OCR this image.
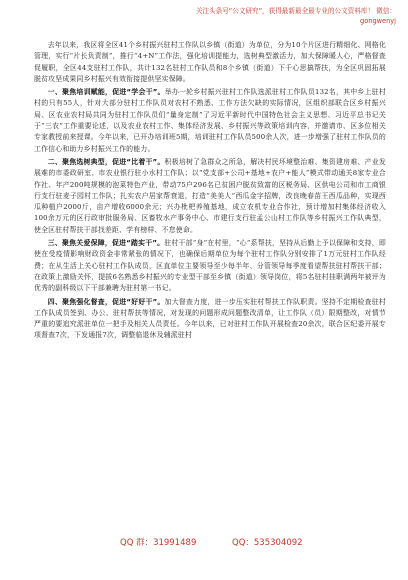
关注头条号“公文研究”，获得最新最全最专业的公文资料库！ 微信：
gongwenyj

去年以来，我区将全区41个乡村振兴驻村工作队以乡镇（街道）为单位，分为10个片区进行精细化、网格化管理，实行“片长负责制”，推行“4+N”工作法，强化培训提能力，选树典型激活力，加大保障暖人心，严格督查促履职，全区44支驻村工作队，共计132名驻村工作队员和8个乡镇（街道）下千心思搞帮扶，为全区巩固拓展脱贫攻坚成果同乡村振兴有效衔接提供坚实保障。

一、聚焦培训赋能，促进“学会干”。举办一轮乡村振兴驻村工作队选派驻村工作队员132名，其中乡上驻村村的只有55人，针对大部分驻村工作队员对农村不熟悉、工作方法欠缺的实际情况，区组织部联合区乡村振兴局、区农业农村局共同为驻村工作队员们“量身定制”了习近平新时代中国特色社会主义思想、习近平总书记关于“三农”工作重要论述，以及农业农村工作、集体经济发展、乡村振兴等政策培训内容，并邀请市、区多位相关专家教授前来授课。今年以来，已开办培训班5期，培训驻村工作队员500余人次，进一步增强了驻村工作队员的工作信心和助力乡村振兴工作的能力。

二、聚焦选树典型，促进“比着干”。积极培树了急群众之所急，解决村民坏境整治难、集资建房难、产业发展难的市委政研室、市农业银行驻小水村工作队；以“党支部+公司+基地+农户+能人”模式带动通关8家专业合作社、年产200吨规模的泡菜特色产业，带动75户296名已贫困户脱贫致富的区税务局、区供电公司和市工商银行支行驻麦子园村工作队；扎实农户居家帮衰退，打造“美美人”西瓜金字招牌，改良晚春苗王西瓜品种，实现西瓜种植户2000斤，亩产增收6000余元；兴办枇杷养殖基地，成立农机专业合作社，预计增加村集体经济收入100余万元的区行政审批服务局、区畜牧水产事务中心、市建行支行驻孟公山村工作队等乡村振兴工作队典型，使全区驻村帮扶干部找差距、学有榜样、不怠使命。

三、聚焦关爱保障，促进“踏实干”。驻村干部“身”在村里，“心”系帮扶，坚持从后勤上予以保障和支持，即使在受疫情影响财政资金非常紧张的情况下，也确保后期单位为每个驻村工作队分别安排了1万元驻村工作队经费；在从生活上关心驻村工作队成员，区直单位主要领导至少每半年、分管领导每季度看望帮扶驻村帮扶干部；在政策上激励关怀，提拔6名熟悉乡村振兴的专业型干部至乡镇（街道）领导岗位，将5名驻村挂职满两年被评为优秀的副科级以下干部兼聘为驻村第一书记。

四、聚焦强化督查，促进“好好干”。加大督查力度，进一步压实驻村帮扶工作队职责。坚持不定期检查驻村工作队成员签到、办公、驻村帮扶等情况，对发现的问题形成问题整改清单，让工作队（员）限期整改，对情节严重的要追究派驻单位一把手及相关人员责任。今年以来，已对驻村工作队开展检查20余次，联合区纪委开展专项督查7次，下发通报7次，调整临退休及辅派驻村

QQ 群：31991489	QQ：535304092
